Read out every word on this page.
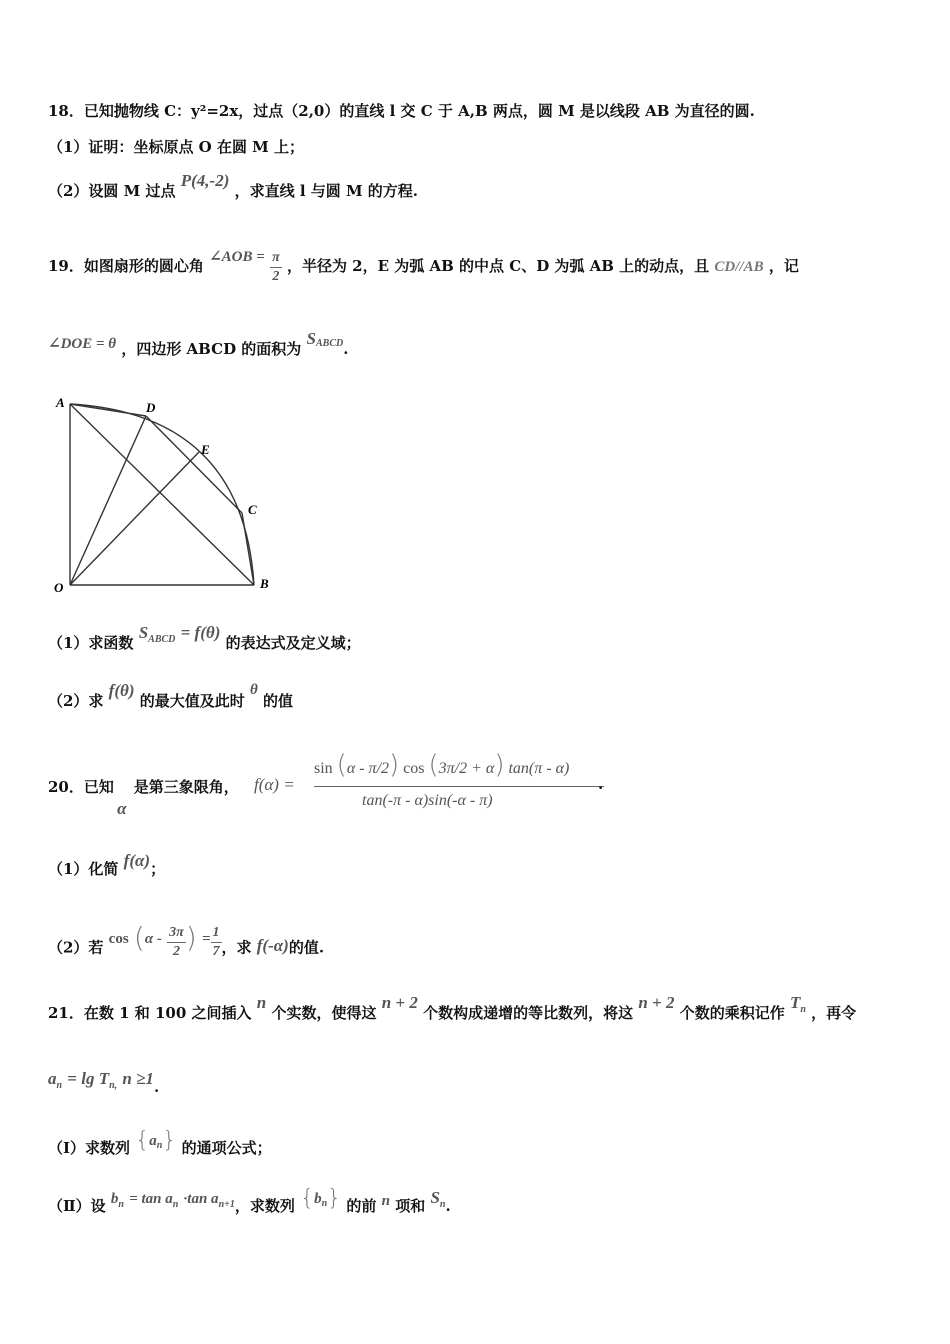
18．已知抛物线 C：y²=2x，过点（2,0）的直线 l 交 C 于 A,B 两点，圆 M 是以线段 AB 为直径的圆.
（1）证明：坐标原点 O 在圆 M 上；
（2）设圆 M 过点 P(4,-2) ，求直线 l 与圆 M 的方程.
19．如图扇形的圆心角 ∠AOB = $\frac{\pi}{2}$ ，半径为 2，E 为弧 AB 的中点 C、D 为弧 AB 上的动点，且 CD//AB ，记
∠DOE = θ ，四边形 ABCD 的面积为 $S^{ABCD}$.
A	D
E
C
O	B
（1）求函数 $S^{ABCD} = f(\theta)$ 的表达式及定义域；
（2）求 f(θ) 的最大值及此时 θ 的值
20．已知 α 是第三象限角， f(α) =
sin (α - π/2) cos (3π/2 + α) tan(π - α)
tan(-π - α)sin(-α - π)
.
（1）化简 f(α)；
（2）若 $\cos (\alpha - \frac{3\pi}{2}$ ) = $\frac{1}{7}$ ，求 f(-α)的值.
21．在数 1 和 100 之间插入 n 个实数，使得这 n + 2 个数构成递增的等比数列，将这 n + 2 个数的乘积记作 $T^n$ ，再令
$a^n = \lg T^{n,}$ n ≥1.
（Ⅰ）求数列 $\{a^n\}$ 的通项公式；
（Ⅱ）设 $b^n = \tan a^n \cdot\tan$ $a^{n+1}$，求数列 $\{b^n\}$ 的前 n 项和 $S^n$.
